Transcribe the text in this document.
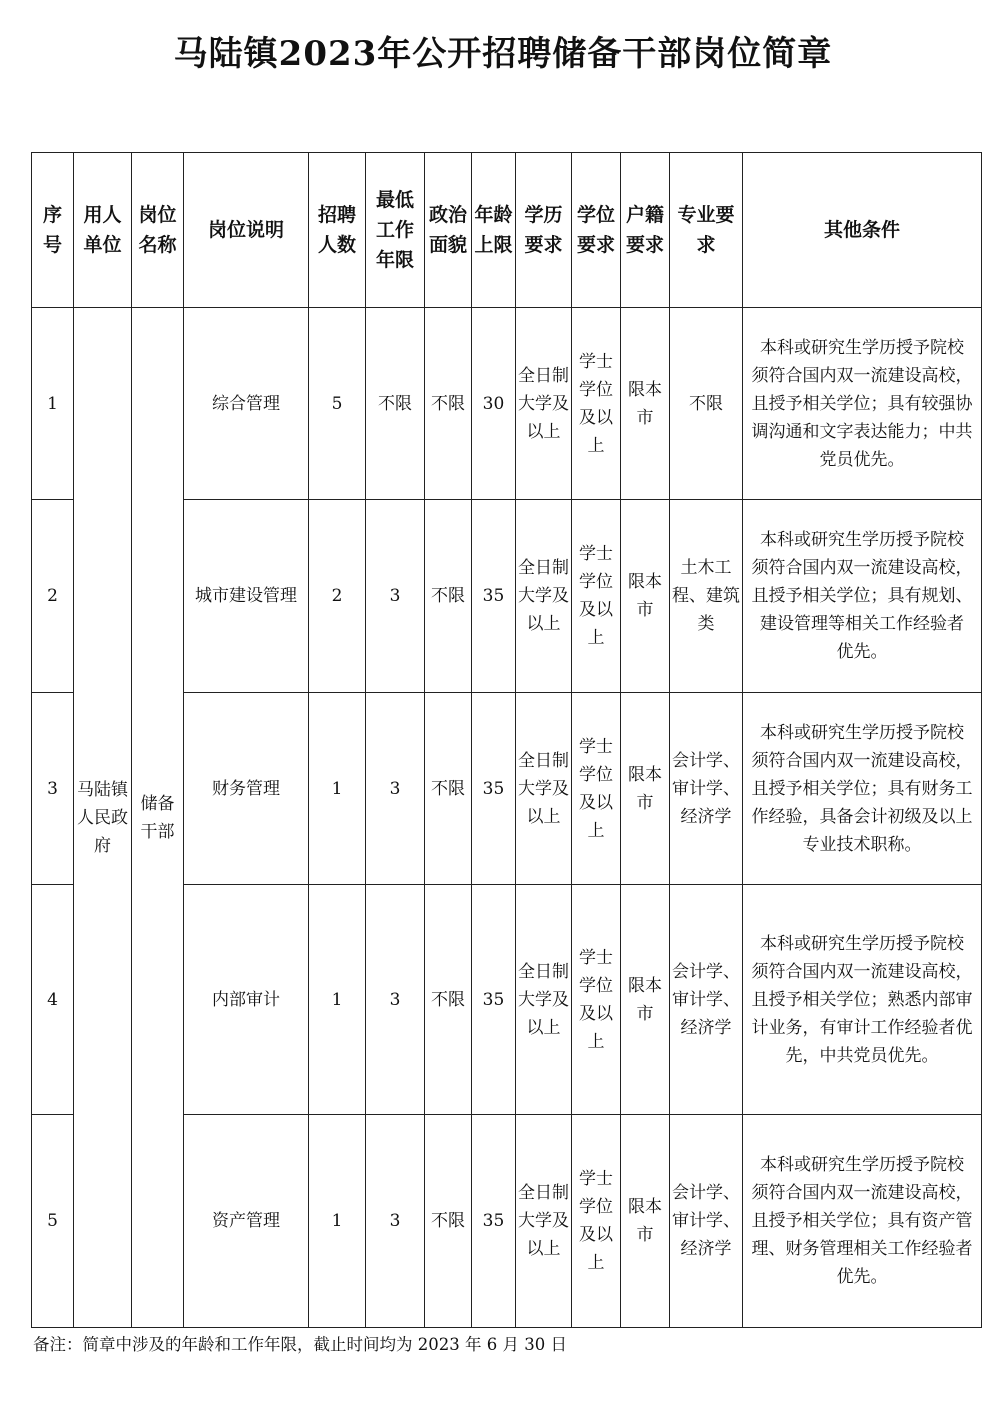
马陆镇2023年公开招聘储备干部岗位简章
序
号	用人
单位	岗位
名称	岗位说明	招聘
人数	最低
工作
年限	政治
面貌	年龄
上限	学历
要求	学位
要求	户籍
要求	专业要
求	其他条件
1	马陆镇
人民政
府	储备
干部	综合管理	5	不限	不限	30	全日制
大学及
以上	学士
学位
及以
上	限本
市	不限	本科或研究生学历授予院校
须符合国内双一流建设高校，
且授予相关学位；具有较强协
调沟通和文字表达能力；中共
党员优先。

2			城市建设管理	2	3	不限	35	全日制
大学及
以上	学士
学位
及以
上	限本
市	土木工
程、建筑
类	本科或研究生学历授予院校
须符合国内双一流建设高校，
且授予相关学位；具有规划、
建设管理等相关工作经验者
优先。

3			财务管理	1	3	不限	35	全日制
大学及
以上	学士
学位
及以
上	限本
市	会计学、
审计学、
经济学	本科或研究生学历授予院校
须符合国内双一流建设高校，
且授予相关学位；具有财务工
作经验，具备会计初级及以上
专业技术职称。

4			内部审计	1	3	不限	35	全日制
大学及
以上	学士
学位
及以
上	限本
市	会计学、
审计学、
经济学	本科或研究生学历授予院校
须符合国内双一流建设高校，
且授予相关学位；熟悉内部审
计业务，有审计工作经验者优
先，中共党员优先。

5			资产管理	1	3	不限	35	全日制
大学及
以上	学士
学位
及以
上	限本
市	会计学、
审计学、
经济学	本科或研究生学历授予院校
须符合国内双一流建设高校，
且授予相关学位；具有资产管
理、财务管理相关工作经验者
优先。
备注：简章中涉及的年龄和工作年限，截止时间均为 2023 年 6 月 30 日
